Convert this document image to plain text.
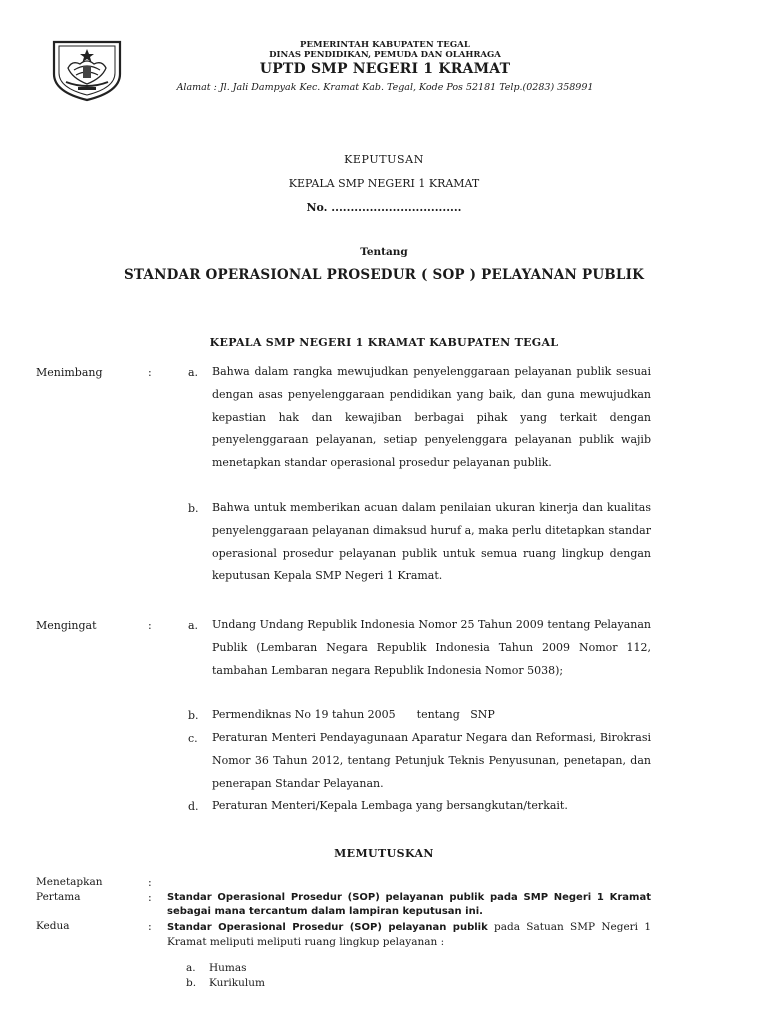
PEMERINTAH KABUPATEN TEGAL
DINAS PENDIDIKAN, PEMUDA DAN OLAHRAGA
UPTD SMP NEGERI 1 KRAMAT
Alamat : Jl. Jali Dampyak Kec. Kramat Kab. Tegal, Kode Pos 52181 Telp.(0283) 358991
KEPUTUSAN
KEPALA SMP NEGERI 1 KRAMAT
No. ..................................
Tentang
STANDAR OPERASIONAL PROSEDUR ( SOP ) PELAYANAN PUBLIK
KEPALA SMP NEGERI 1 KRAMAT KABUPATEN TEGAL
Menimbang	:	a. Bahwa dalam rangka mewujudkan penyelenggaraan pelayanan publik sesuai dengan asas penyelenggaraan pendidikan yang baik, dan guna mewujudkan kepastian hak dan kewajiban berbagai pihak yang terkait dengan penyelenggaraan pelayanan, setiap penyelenggara pelayanan publik wajib menetapkan standar operasional prosedur pelayanan publik.
b. Bahwa untuk memberikan acuan dalam penilaian ukuran kinerja dan kualitas penyelenggaraan pelayanan dimaksud huruf a, maka perlu ditetapkan standar operasional prosedur pelayanan publik untuk semua ruang lingkup dengan keputusan Kepala SMP Negeri 1 Kramat.
Mengingat	:	a. Undang Undang Republik Indonesia Nomor 25 Tahun 2009 tentang Pelayanan Publik (Lembaran Negara Republik Indonesia Tahun 2009 Nomor 112, tambahan Lembaran negara Republik Indonesia Nomor 5038);
b. Permendiknas No 19 tahun 2005      tentang   SNP
c. Peraturan Menteri Pendayagunaan Aparatur Negara dan Reformasi, Birokrasi Nomor 36 Tahun 2012, tentang Petunjuk Teknis Penyusunan, penetapan, dan penerapan Standar Pelayanan.
d. Peraturan Menteri/Kepala Lembaga yang bersangkutan/terkait.
MEMUTUSKAN
Menetapkan	:
Pertama	: Standar Operasional Prosedur (SOP) pelayanan publik pada SMP Negeri 1 Kramat sebagai mana tercantum dalam lampiran keputusan ini.
Kedua	: Standar Operasional Prosedur (SOP) pelayanan publik pada Satuan SMP Negeri 1 Kramat meliputi meliputi ruang lingkup pelayanan :
a. Humas
b. Kurikulum
